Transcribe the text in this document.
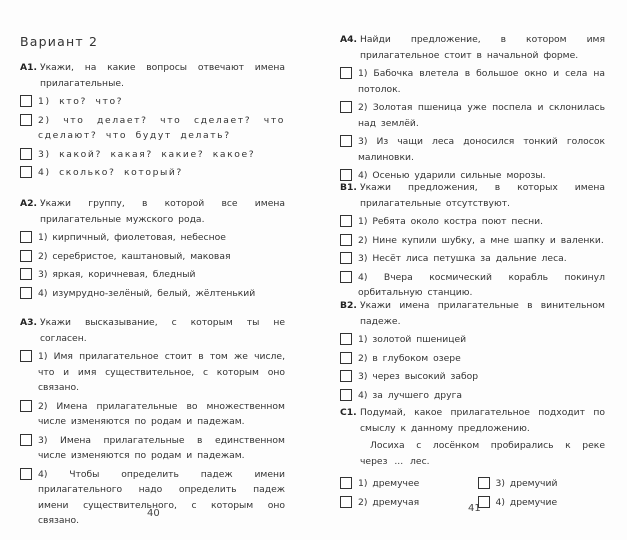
Вариант 2
A1. Укажи, на какие вопросы отвечают имена прилагательные.
1) кто? что?
2) что делает? что сделает? что сделают? что будут делать?
3) какой? какая? какие? какое?
4) сколько? который?
A2. Укажи группу, в которой все имена прилагательные мужского рода.
1) кирпичный, фиолетовая, небесное
2) серебристое, каштановый, маковая
3) яркая, коричневая, бледный
4) изумрудно-зелёный, белый, жёлтенький
A3. Укажи высказывание, с которым ты не согласен.
1) Имя прилагательное стоит в том же числе, что и имя существительное, с которым оно связано.
2) Имена прилагательные во множественном числе изменяются по родам и падежам.
3) Имена прилагательные в единственном числе изменяются по родам и падежам.
4) Чтобы определить падеж имени прилагательного надо определить падеж имени существительного, с которым оно связано.
40
A4. Найди предложение, в котором имя прилагательное стоит в начальной форме.
1) Бабочка влетела в большое окно и села на потолок.
2) Золотая пшеница уже поспела и склонилась над землёй.
3) Из чащи леса доносился тонкий голосок малиновки.
4) Осенью ударили сильные морозы.
B1. Укажи предложения, в которых имена прилагательные отсутствуют.
1) Ребята около костра поют песни.
2) Нине купили шубку, а мне шапку и валенки.
3) Несёт лиса петушка за дальние леса.
4) Вчера космический корабль покинул орбитальную станцию.
B2. Укажи имена прилагательные в винительном падеже.
1) золотой пшеницей
2) в глубоком озере
3) через высокий забор
4) за лучшего друга
C1. Подумай, какое прилагательное подходит по смыслу к данному предложению.
Лосиха с лосёнком пробирались к реке через ... лес.
1) дремучее	3) дремучий
2) дремучая	4) дремучие
41
